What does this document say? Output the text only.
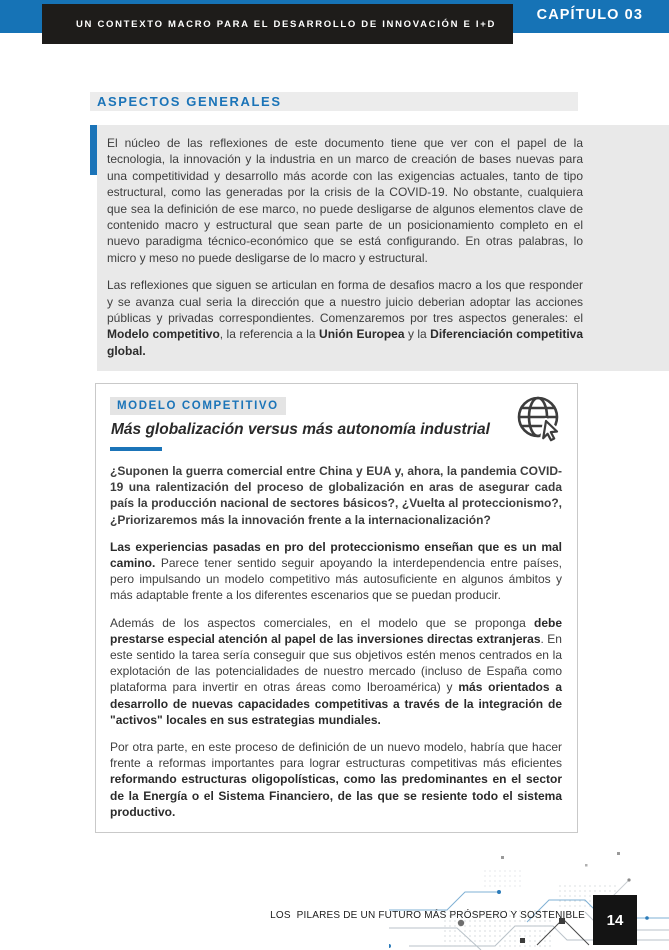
CAPÍTULO 03
UN CONTEXTO MACRO PARA EL DESARROLLO DE INNOVACIÓN E I+D
ASPECTOS GENERALES

El núcleo de las reflexiones de este documento tiene que ver con el papel de la tecnologia, la innovación y la industria en un marco de creación de bases nuevas para una competitividad y desarrollo más acorde con las exigencias actuales, tanto de tipo estructural, como las generadas por la crisis de la COVID-19. No obstante, cualquiera que sea la definición de ese marco, no puede desligarse de algunos elementos clave de contenido macro y estructural que sean parte de un posicionamiento completo en el nuevo paradigma técnico-económico que se está configurando. En otras palabras, lo micro y meso no puede desligarse de lo macro y estructural.

Las reflexiones que siguen se articulan en forma de desafios macro a los que responder y se avanza cual seria la dirección que a nuestro juicio deberian adoptar las acciones públicas y privadas correspondientes. Comenzaremos por tres aspectos generales: el Modelo competitivo, la referencia a la Unión Europea y la Diferenciación competitiva global.

MODELO COMPETITIVO
Más globalización versus más autonomía industrial

¿Suponen la guerra comercial entre China y EUA y, ahora, la pandemia COVID-19 una ralentización del proceso de globalización en aras de asegurar cada país la producción nacional de sectores básicos?, ¿Vuelta al proteccionismo?, ¿Priorizaremos más la innovación frente a la internacionalización?

Las experiencias pasadas en pro del proteccionismo enseñan que es un mal camino. Parece tener sentido seguir apoyando la interdependencia entre países, pero impulsando un modelo competitivo más autosuficiente en algunos ámbitos y más adaptable frente a los diferentes escenarios que se puedan producir.

Además de los aspectos comerciales, en el modelo que se proponga debe prestarse especial atención al papel de las inversiones directas extranjeras. En este sentido la tarea sería conseguir que sus objetivos estén menos centrados en la explotación de las potencialidades de nuestro mercado (incluso de España como plataforma para invertir en otras áreas como Iberoamérica) y más orientados a desarrollo de nuevas capacidades competitivas a través de la integración de "activos" locales en sus estrategias mundiales.

Por otra parte, en este proceso de definición de un nuevo modelo, habría que hacer frente a reformas importantes para lograr estructuras competitivas más eficientes reformando estructuras oligopolísticas, como las predominantes en el sector de la Energía o el Sistema Financiero, de las que se resiente todo el sistema productivo.

LOS  PILARES DE UN FUTURO MÁS PRÓSPERO Y SOSTENIBLE	14
